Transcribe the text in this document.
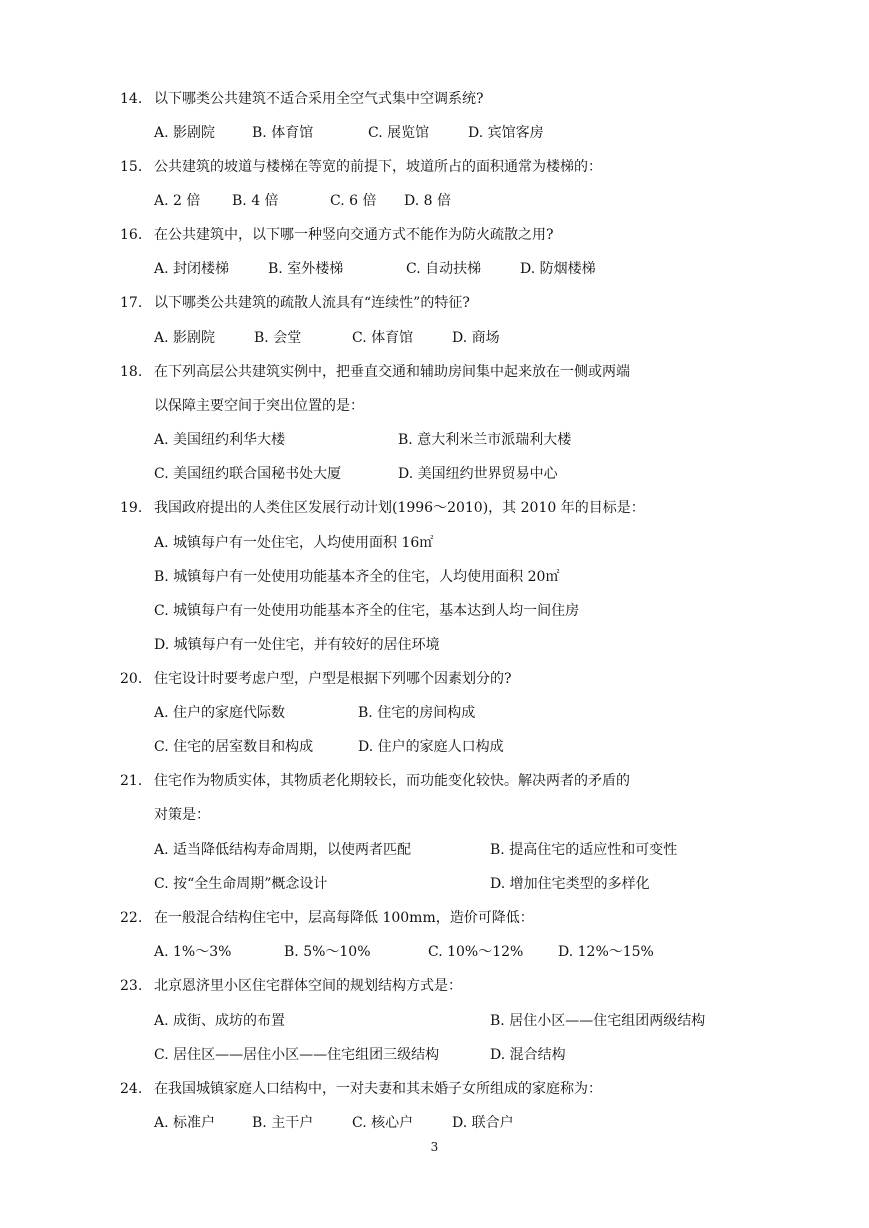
14. 以下哪类公共建筑不适合采用全空气式集中空调系统?
A. 影剧院	B. 体育馆	C. 展览馆	D. 宾馆客房
15. 公共建筑的坡道与楼梯在等宽的前提下，坡道所占的面积通常为楼梯的：
A. 2 倍 B. 4 倍	C. 6 倍 D. 8 倍
16. 在公共建筑中，以下哪一种竖向交通方式不能作为防火疏散之用?
A. 封闭楼梯	B. 室外楼梯	C. 自动扶梯	D. 防烟楼梯
17. 以下哪类公共建筑的疏散人流具有“连续性”的特征?
A. 影剧院	B. 会堂	C. 体育馆	D. 商场
18. 在下列高层公共建筑实例中，把垂直交通和辅助房间集中起来放在一侧或两端
以保障主要空间于突出位置的是：
A. 美国纽约利华大楼	B. 意大利米兰市派瑞利大楼
C. 美国纽约联合国秘书处大厦	D. 美国纽约世界贸易中心
19. 我国政府提出的人类住区发展行动计划(1996～2010)，其 2010 年的目标是：
A. 城镇每户有一处住宅，人均使用面积 16㎡
B. 城镇每户有一处使用功能基本齐全的住宅，人均使用面积 20㎡
C. 城镇每户有一处使用功能基本齐全的住宅，基本达到人均一间住房
D. 城镇每户有一处住宅，并有较好的居住环境
20. 住宅设计时要考虑户型，户型是根据下列哪个因素划分的?
A. 住户的家庭代际数	B. 住宅的房间构成
C. 住宅的居室数目和构成	D. 住户的家庭人口构成
21. 住宅作为物质实体，其物质老化期较长，而功能变化较快。解决两者的矛盾的
对策是：
A. 适当降低结构寿命周期，以使两者匹配	B. 提高住宅的适应性和可变性
C. 按“全生命周期”概念设计	D. 增加住宅类型的多样化
22. 在一般混合结构住宅中，层高每降低 100mm，造价可降低：
A. 1%～3%	B. 5%～10%	C. 10%～12% D. 12%～15%
23. 北京恩济里小区住宅群体空间的规划结构方式是：
A. 成街、成坊的布置	B. 居住小区——住宅组团两级结构
C. 居住区——居住小区——住宅组团三级结构	D. 混合结构
24. 在我国城镇家庭人口结构中，一对夫妻和其未婚子女所组成的家庭称为：
A. 标准户	B. 主干户	C. 核心户	D. 联合户
3
